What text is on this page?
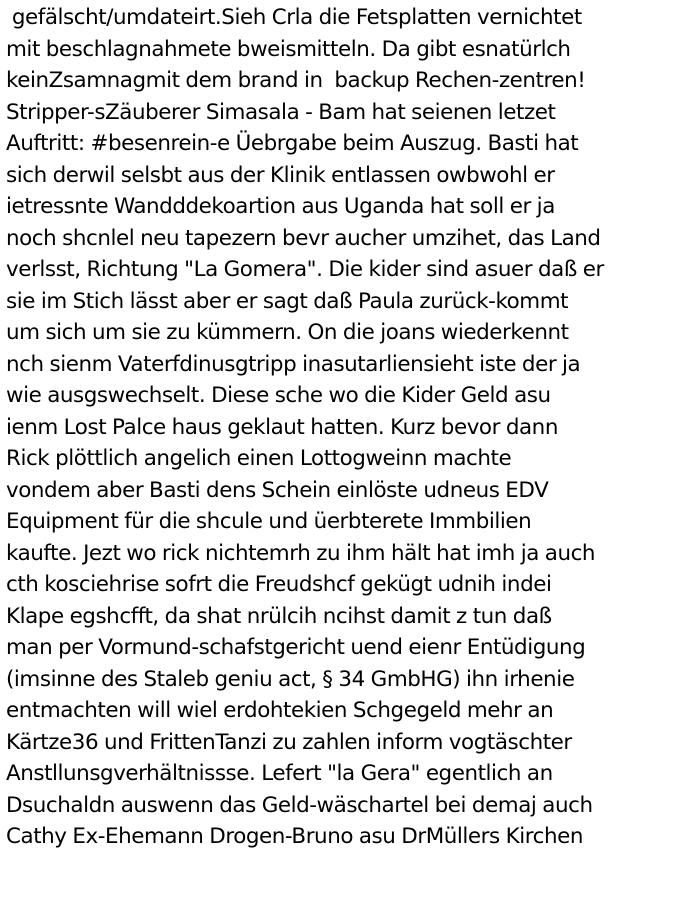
gefälscht/umdateirt.Sieh Crla die Fetsplatten vernichtet mit beschlagnahmete bweismitteln. Da gibt esnatürlch keinZsamnagmit dem brand in  backup Rechen-zentren! Stripper-sZäuberer Simasala - Bam hat seienen letzet Auftritt: #besenrein-e Üebrgabe beim Auszug. Basti hat sich derwil selsbt aus der Klinik entlassen owbwohl er ietressnte Wandddekoartion aus Uganda hat soll er ja noch shcnlel neu tapezern bevr aucher umzihet, das Land verlsst, Richtung "La Gomera". Die kider sind asuer daß er sie im Stich lässt aber er sagt daß Paula zurück-kommt um sich um sie zu kümmern. On die joans wiederkennt nch sienm Vaterfdinusgtripp inasutarliensieht iste der ja wie ausgswechselt. Diese sche wo die Kider Geld asu ienm Lost Palce haus geklaut hatten. Kurz bevor dann Rick plöttlich angelich einen Lottogweinn machte vondem aber Basti dens Schein einlöste udneus EDV Equipment für die shcule und üerbterete Immbilien kaufte. Jezt wo rick nichtemrh zu ihm hält hat imh ja auch cth kosciehrise sofrt die Freudshcf gekügt udnih indei Klape egshcfft, da shat nrülcih ncihst damit z tun daß man per Vormund-schafstgericht uend eienr Entüdigung (imsinne des Staleb geniu act, § 34 GmbHG) ihn irhenie entmachten will wiel erdohtekien Schgegeld mehr an Kärtze36 und FrittenTanzi zu zahlen inform vogtäschter Anstllunsgverhältnissse. Lefert "la Gera" egentlich an Dsuchaldn auswenn das Geld-wäschartel bei demaj auch Cathy Ex-Ehemann Drogen-Bruno asu DrMüllers Kirchen
